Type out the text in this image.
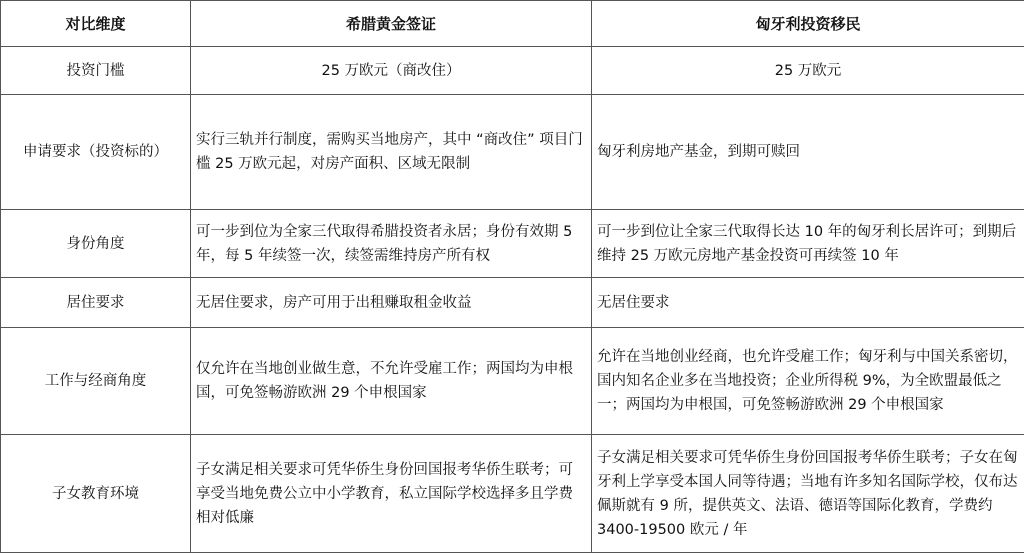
对比维度	希腊黄金签证	匈牙利投资移民
投资门槛	25 万欧元（商改住）	25 万欧元
申请要求（投资标的）	实行三轨并行制度，需购买当地房产，其中 “商改住” 项目门槛 25 万欧元起，对房产面积、区域无限制	匈牙利房地产基金，到期可赎回
身份角度	可一步到位为全家三代取得希腊投资者永居；身份有效期 5 年，每 5 年续签一次，续签需维持房产所有权	可一步到位让全家三代取得长达 10 年的匈牙利长居许可；到期后维持 25 万欧元房地产基金投资可再续签 10 年
居住要求	无居住要求，房产可用于出租赚取租金收益	无居住要求
工作与经商角度	仅允许在当地创业做生意，不允许受雇工作；两国均为申根国，可免签畅游欧洲 29 个申根国家	允许在当地创业经商，也允许受雇工作；匈牙利与中国关系密切，国内知名企业多在当地投资；企业所得税 9%，为全欧盟最低之一；两国均为申根国，可免签畅游欧洲 29 个申根国家
子女教育环境	子女满足相关要求可凭华侨生身份回国报考华侨生联考；可享受当地免费公立中小学教育，私立国际学校选择多且学费相对低廉	子女满足相关要求可凭华侨生身份回国报考华侨生联考；子女在匈牙利上学享受本国人同等待遇；当地有许多知名国际学校，仅布达佩斯就有 9 所，提供英文、法语、德语等国际化教育，学费约 3400-19500 欧元 / 年
